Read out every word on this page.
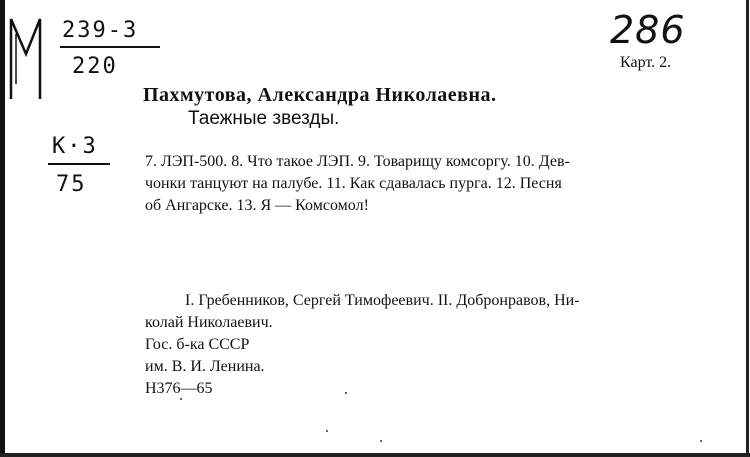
239-3
220
К·3
75
286
Карт. 2.
Пахмутова, Александра Николаевна.
Таежные звезды.
7. ЛЭП-500. 8. Что такое ЛЭП. 9. Товарищу комсоргу. 10. Дев-
чонки танцуют на палубе. 11. Как сдавалась пурга. 12. Песня
об Ангарске. 13. Я — Комсомол!
I. Гребенников, Сергей Тимофеевич. II. Добронравов, Ни-
колай Николаевич.
Гос. б-ка СССР
им. В. И. Ленина.
Н376—65
